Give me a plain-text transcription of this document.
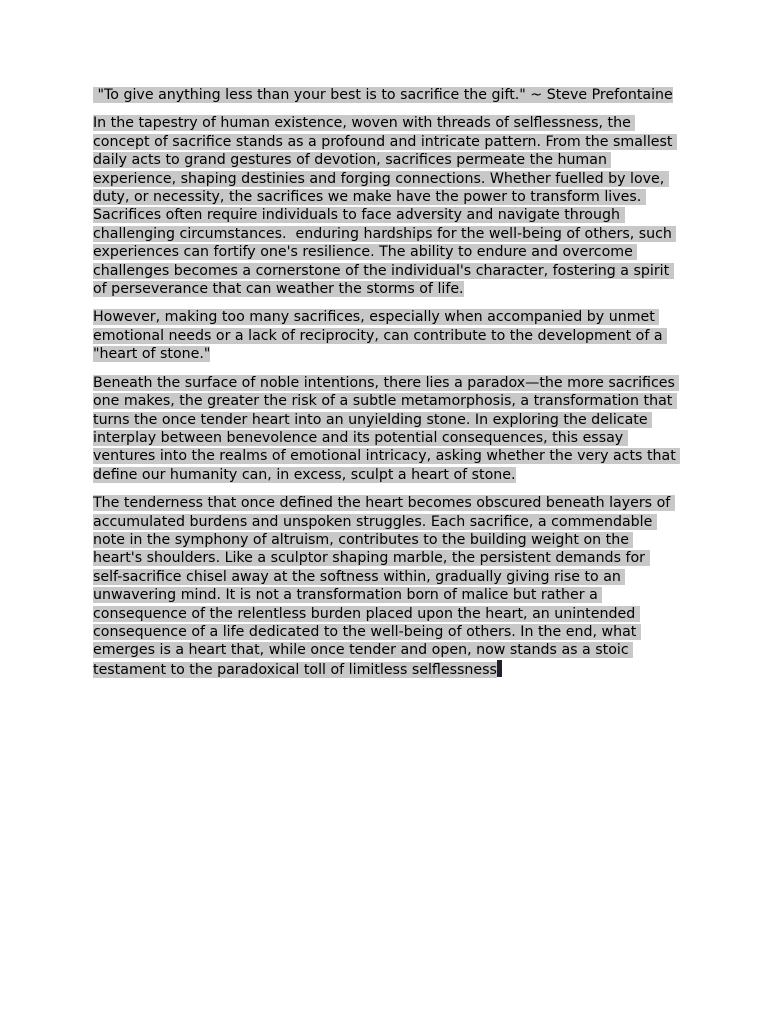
"To give anything less than your best is to sacrifice the gift." ~ Steve Prefontaine

In the tapestry of human existence, woven with threads of selflessness, the concept of sacrifice stands as a profound and intricate pattern. From the smallest daily acts to grand gestures of devotion, sacrifices permeate the human experience, shaping destinies and forging connections. Whether fuelled by love, duty, or necessity, the sacrifices we make have the power to transform lives. Sacrifices often require individuals to face adversity and navigate through challenging circumstances.  enduring hardships for the well-being of others, such experiences can fortify one's resilience. The ability to endure and overcome challenges becomes a cornerstone of the individual's character, fostering a spirit of perseverance that can weather the storms of life.

However, making too many sacrifices, especially when accompanied by unmet emotional needs or a lack of reciprocity, can contribute to the development of a "heart of stone."

Beneath the surface of noble intentions, there lies a paradox—the more sacrifices one makes, the greater the risk of a subtle metamorphosis, a transformation that turns the once tender heart into an unyielding stone. In exploring the delicate interplay between benevolence and its potential consequences, this essay ventures into the realms of emotional intricacy, asking whether the very acts that define our humanity can, in excess, sculpt a heart of stone.

The tenderness that once defined the heart becomes obscured beneath layers of accumulated burdens and unspoken struggles. Each sacrifice, a commendable note in the symphony of altruism, contributes to the building weight on the heart's shoulders. Like a sculptor shaping marble, the persistent demands for self-sacrifice chisel away at the softness within, gradually giving rise to an unwavering mind. It is not a transformation born of malice but rather a consequence of the relentless burden placed upon the heart, an unintended consequence of a life dedicated to the well-being of others. In the end, what emerges is a heart that, while once tender and open, now stands as a stoic testament to the paradoxical toll of limitless selflessness
